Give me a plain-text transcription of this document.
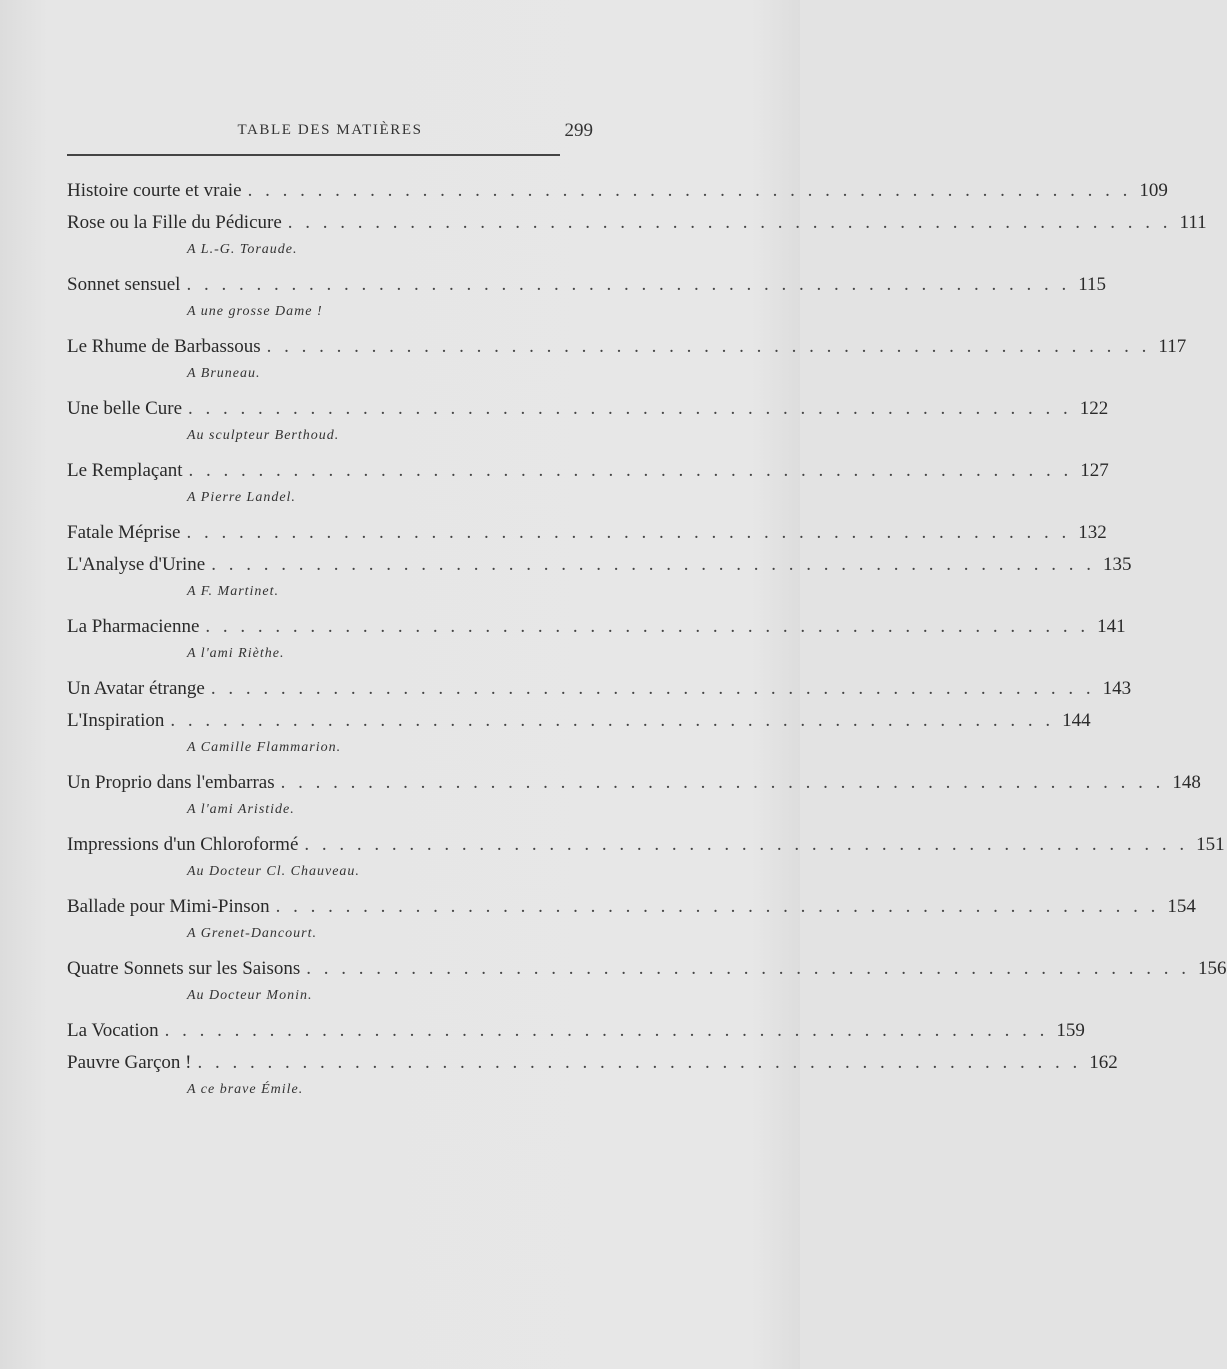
TABLE DES MATIÈRES	299
Histoire courte et vraie . . . . . . . . . . . . . . . . . . . . . . . . . . . . . . . . . . . . . . . . . . . . . . . . . . . 109
Rose ou la Fille du Pédicure . . . . . . . . . . . . . . . . . . . . . . . . . . . . . . . . . . . . . . . . . . . . . . . . . . . 111
A L.-G. Toraude.
Sonnet sensuel . . . . . . . . . . . . . . . . . . . . . . . . . . . . . . . . . . . . . . . . . . . . . . . . . . . 115
A une grosse Dame !
Le Rhume de Barbassous . . . . . . . . . . . . . . . . . . . . . . . . . . . . . . . . . . . . . . . . . . . . . . . . . . . 117
A Bruneau.
Une belle Cure . . . . . . . . . . . . . . . . . . . . . . . . . . . . . . . . . . . . . . . . . . . . . . . . . . . 122
Au sculpteur Berthoud.
Le Remplaçant . . . . . . . . . . . . . . . . . . . . . . . . . . . . . . . . . . . . . . . . . . . . . . . . . . . 127
A Pierre Landel.
Fatale Méprise . . . . . . . . . . . . . . . . . . . . . . . . . . . . . . . . . . . . . . . . . . . . . . . . . . . 132
L'Analyse d'Urine . . . . . . . . . . . . . . . . . . . . . . . . . . . . . . . . . . . . . . . . . . . . . . . . . . . 135
A F. Martinet.
La Pharmacienne . . . . . . . . . . . . . . . . . . . . . . . . . . . . . . . . . . . . . . . . . . . . . . . . . . . 141
A l'ami Rièthe.
Un Avatar étrange . . . . . . . . . . . . . . . . . . . . . . . . . . . . . . . . . . . . . . . . . . . . . . . . . . . 143
L'Inspiration . . . . . . . . . . . . . . . . . . . . . . . . . . . . . . . . . . . . . . . . . . . . . . . . . . . 144
A Camille Flammarion.
Un Proprio dans l'embarras . . . . . . . . . . . . . . . . . . . . . . . . . . . . . . . . . . . . . . . . . . . . . . . . . . . 148
A l'ami Aristide.
Impressions d'un Chloroformé . . . . . . . . . . . . . . . . . . . . . . . . . . . . . . . . . . . . . . . . . . . . . . . . . . . 151
Au Docteur Cl. Chauveau.
Ballade pour Mimi-Pinson . . . . . . . . . . . . . . . . . . . . . . . . . . . . . . . . . . . . . . . . . . . . . . . . . . . 154
A Grenet-Dancourt.
Quatre Sonnets sur les Saisons . . . . . . . . . . . . . . . . . . . . . . . . . . . . . . . . . . . . . . . . . . . . . . . . . . . 156
Au Docteur Monin.
La Vocation . . . . . . . . . . . . . . . . . . . . . . . . . . . . . . . . . . . . . . . . . . . . . . . . . . . 159
Pauvre Garçon ! . . . . . . . . . . . . . . . . . . . . . . . . . . . . . . . . . . . . . . . . . . . . . . . . . . . 162
A ce brave Émile.
